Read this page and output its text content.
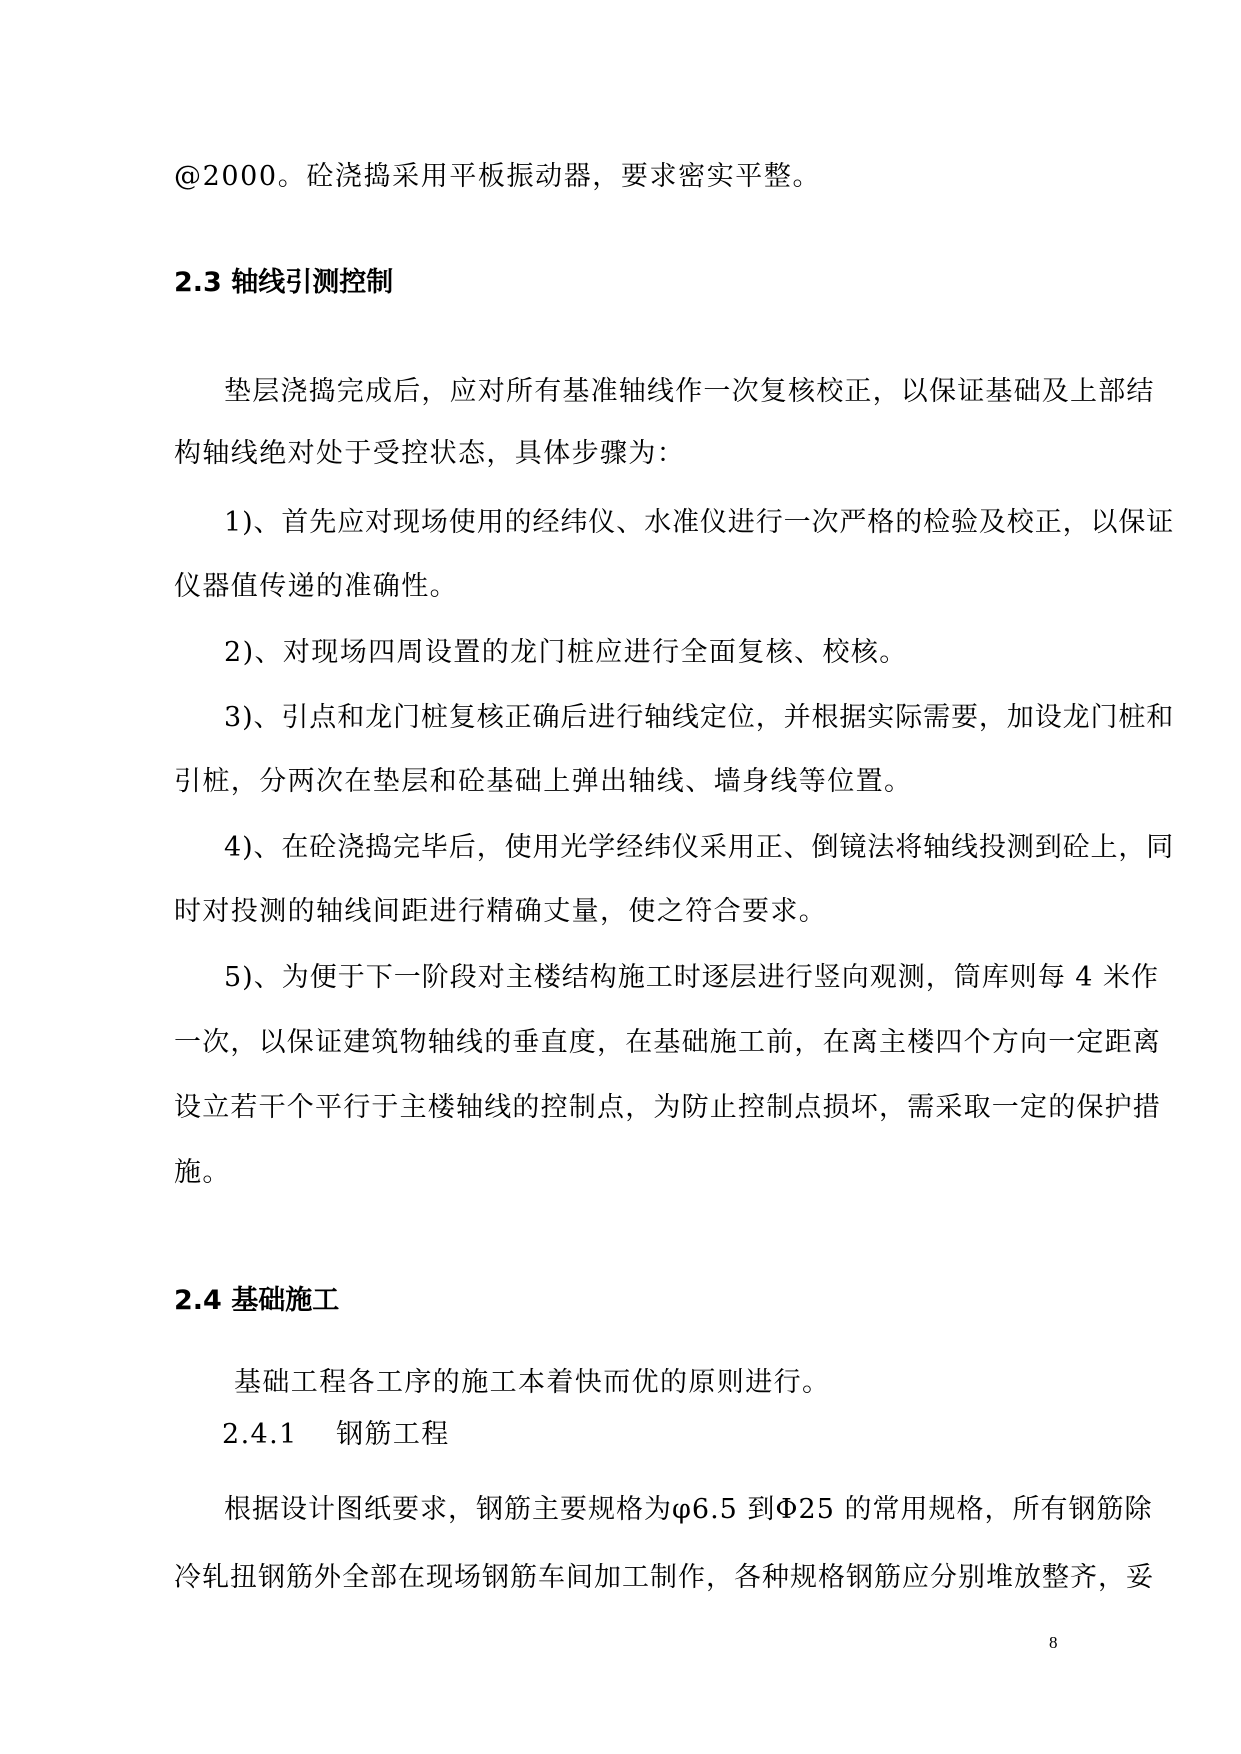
@2000。砼浇捣采用平板振动器，要求密实平整。

2.3 轴线引测控制

垫层浇捣完成后，应对所有基准轴线作一次复核校正，以保证基础及上部结

构轴线绝对处于受控状态，具体步骤为：

1)、首先应对现场使用的经纬仪、水准仪进行一次严格的检验及校正，以保证

仪器值传递的准确性。

2)、对现场四周设置的龙门桩应进行全面复核、校核。

3)、引点和龙门桩复核正确后进行轴线定位，并根据实际需要，加设龙门桩和

引桩，分两次在垫层和砼基础上弹出轴线、墙身线等位置。

4)、在砼浇捣完毕后，使用光学经纬仪采用正、倒镜法将轴线投测到砼上，同

时对投测的轴线间距进行精确丈量，使之符合要求。

5)、为便于下一阶段对主楼结构施工时逐层进行竖向观测，筒库则每 4 米作

一次，以保证建筑物轴线的垂直度，在基础施工前，在离主楼四个方向一定距离

设立若干个平行于主楼轴线的控制点，为防止控制点损坏，需采取一定的保护措

施。

2.4 基础施工

基础工程各工序的施工本着快而优的原则进行。

2.4.1　 钢筋工程

根据设计图纸要求，钢筋主要规格为φ6.5 到Φ25 的常用规格，所有钢筋除

冷轧扭钢筋外全部在现场钢筋车间加工制作，各种规格钢筋应分别堆放整齐，妥

8
